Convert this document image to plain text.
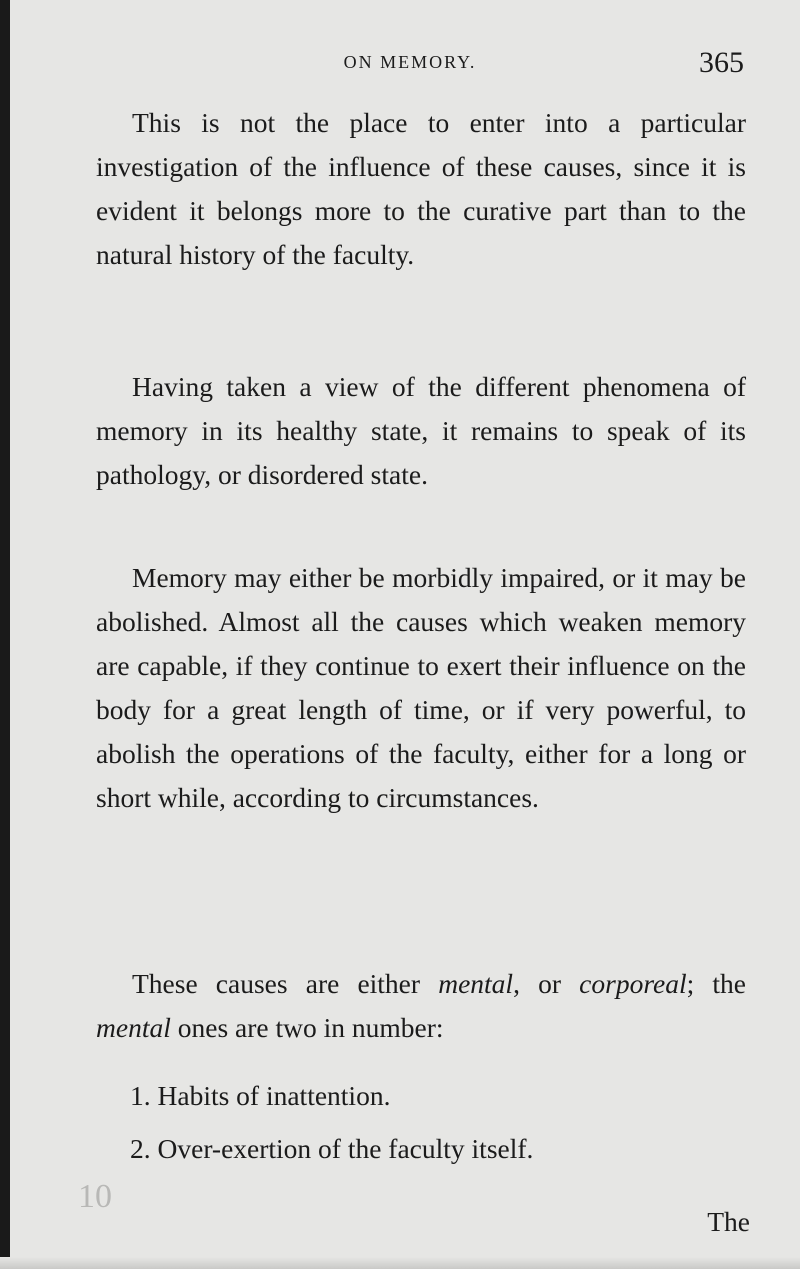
ON MEMORY.	365

This is not the place to enter into a particular investigation of the influence of these causes, since it is evident it belongs more to the curative part than to the natural history of the faculty.

Having taken a view of the different phenomena of memory in its healthy state, it remains to speak of its pathology, or disordered state.

Memory may either be morbidly impaired, or it may be abolished. Almost all the causes which weaken memory are capable, if they continue to exert their influence on the body for a great length of time, or if very powerful, to abolish the operations of the faculty, either for a long or short while, according to circumstances.

These causes are either mental, or corporeal; the mental ones are two in number:

1. Habits of inattention.
2. Over-exertion of the faculty itself.
10
The
